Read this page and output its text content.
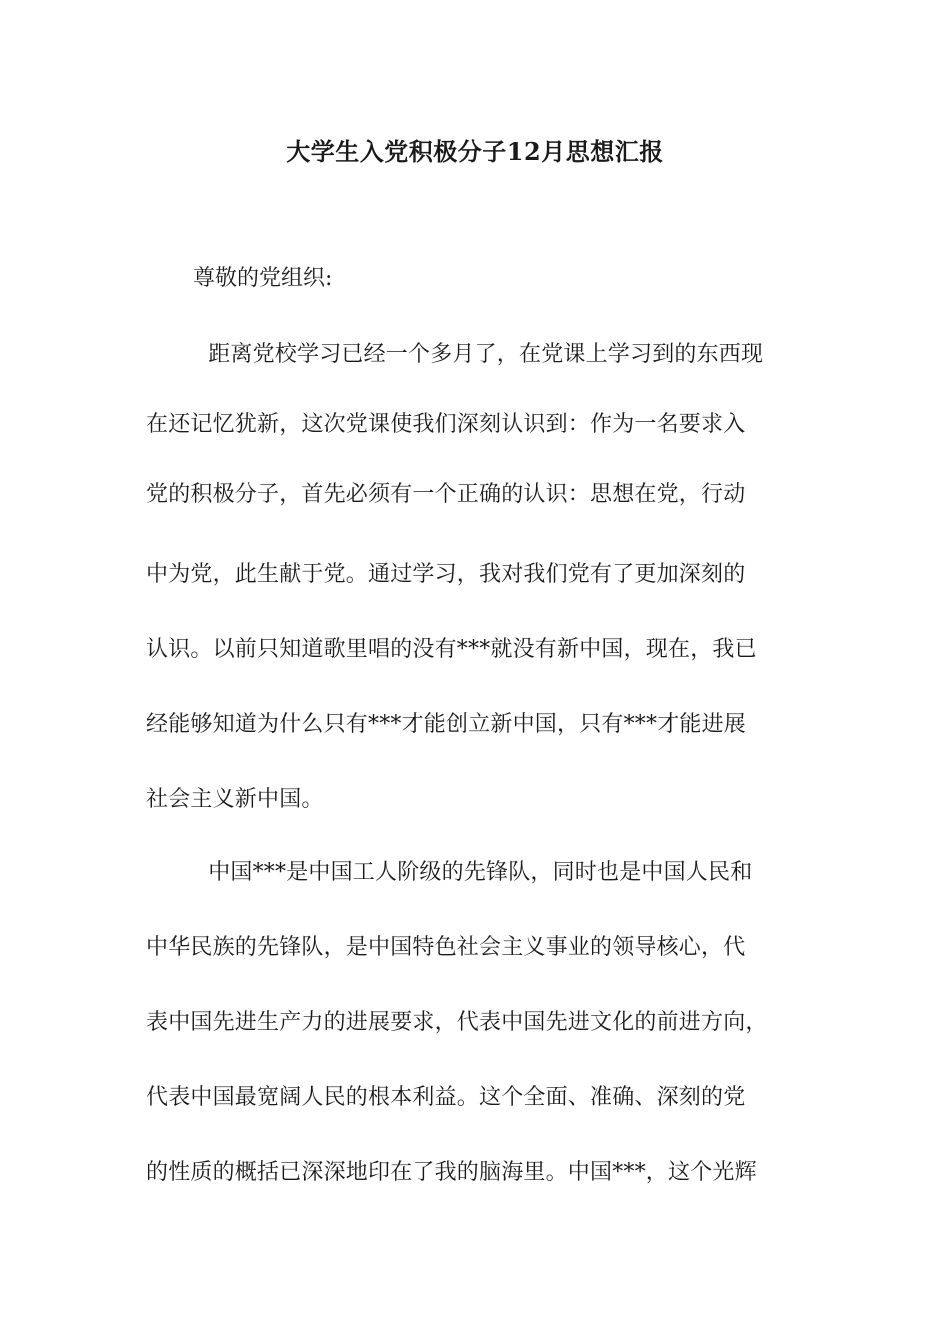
大学生入党积极分子12月思想汇报
尊敬的党组织:
　距离党校学习已经一个多月了，在党课上学习到的东西现
在还记忆犹新，这次党课使我们深刻认识到：作为一名要求入
党的积极分子，首先必须有一个正确的认识：思想在党，行动
中为党，此生献于党。通过学习，我对我们党有了更加深刻的
认识。以前只知道歌里唱的没有***就没有新中国，现在，我已
经能够知道为什么只有***才能创立新中国，只有***才能进展
社会主义新中国。
　中国***是中国工人阶级的先锋队，同时也是中国人民和
中华民族的先锋队，是中国特色社会主义事业的领导核心，代
表中国先进生产力的进展要求，代表中国先进文化的前进方向，
代表中国最宽阔人民的根本利益。这个全面、准确、深刻的党
的性质的概括已深深地印在了我的脑海里。中国***，这个光辉
